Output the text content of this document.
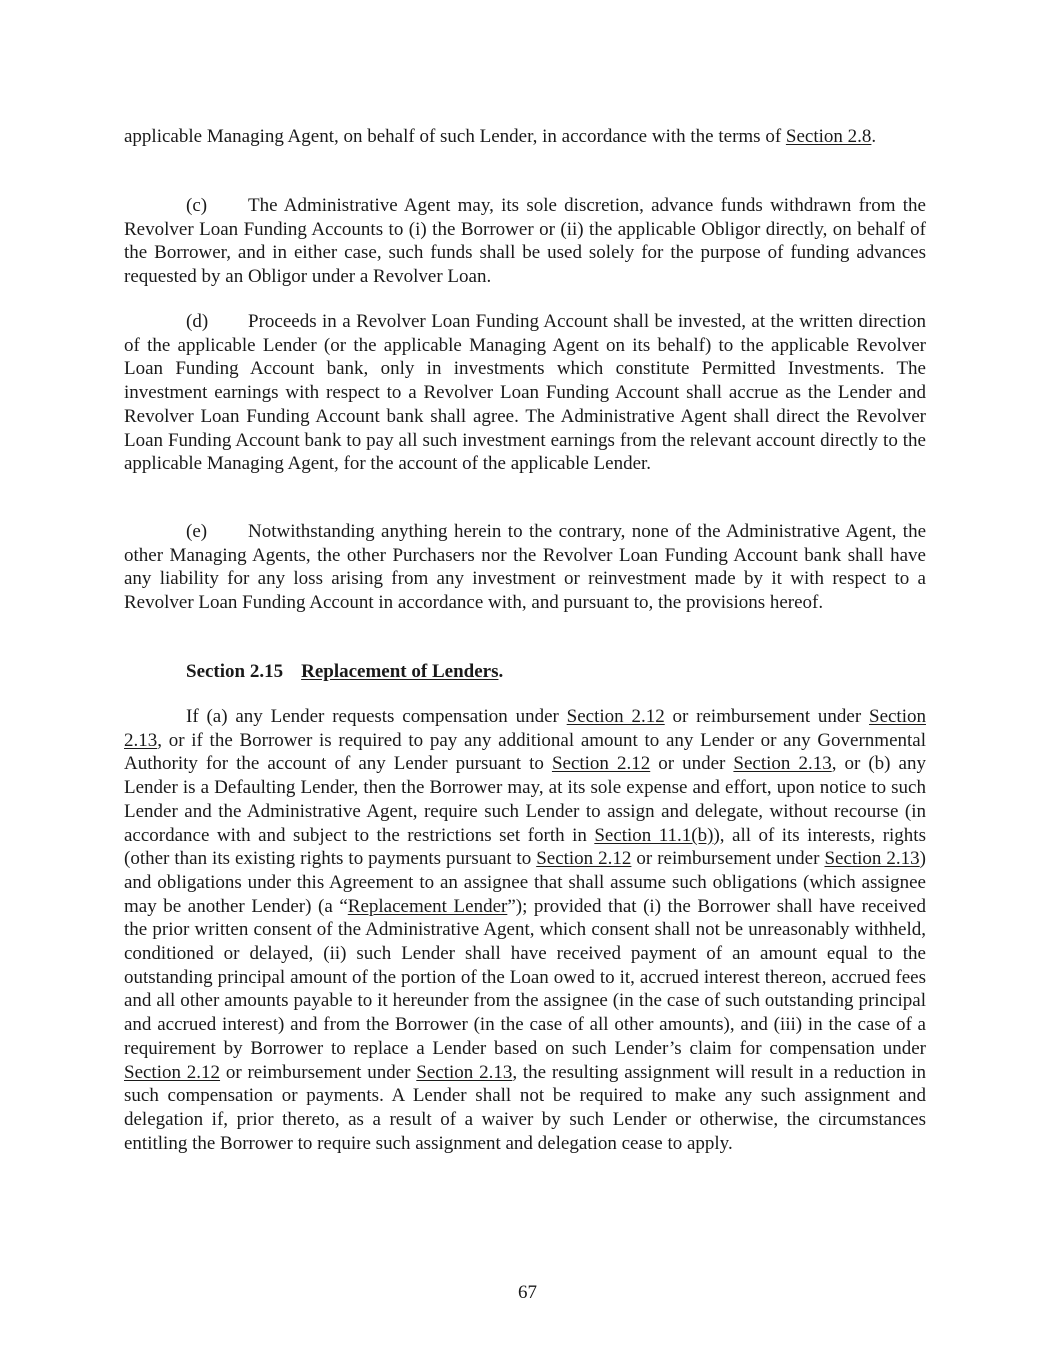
applicable Managing Agent, on behalf of such Lender, in accordance with the terms of Section 2.8.

(c) The Administrative Agent may, its sole discretion, advance funds withdrawn from the Revolver Loan Funding Accounts to (i) the Borrower or (ii) the applicable Obligor directly, on behalf of the Borrower, and in either case, such funds shall be used solely for the purpose of funding advances requested by an Obligor under a Revolver Loan.

(d) Proceeds in a Revolver Loan Funding Account shall be invested, at the written direction of the applicable Lender (or the applicable Managing Agent on its behalf) to the applicable Revolver Loan Funding Account bank, only in investments which constitute Permitted Investments. The investment earnings with respect to a Revolver Loan Funding Account shall accrue as the Lender and Revolver Loan Funding Account bank shall agree. The Administrative Agent shall direct the Revolver Loan Funding Account bank to pay all such investment earnings from the relevant account directly to the applicable Managing Agent, for the account of the applicable Lender.

(e) Notwithstanding anything herein to the contrary, none of the Administrative Agent, the other Managing Agents, the other Purchasers nor the Revolver Loan Funding Account bank shall have any liability for any loss arising from any investment or reinvestment made by it with respect to a Revolver Loan Funding Account in accordance with, and pursuant to, the provisions hereof.

Section 2.15 Replacement of Lenders.

If (a) any Lender requests compensation under Section 2.12 or reimbursement under Section 2.13, or if the Borrower is required to pay any additional amount to any Lender or any Governmental Authority for the account of any Lender pursuant to Section 2.12 or under Section 2.13, or (b) any Lender is a Defaulting Lender, then the Borrower may, at its sole expense and effort, upon notice to such Lender and the Administrative Agent, require such Lender to assign and delegate, without recourse (in accordance with and subject to the restrictions set forth in Section 11.1(b)), all of its interests, rights (other than its existing rights to payments pursuant to Section 2.12 or reimbursement under Section 2.13) and obligations under this Agreement to an assignee that shall assume such obligations (which assignee may be another Lender) (a “Replacement Lender”); provided that (i) the Borrower shall have received the prior written consent of the Administrative Agent, which consent shall not be unreasonably withheld, conditioned or delayed, (ii) such Lender shall have received payment of an amount equal to the outstanding principal amount of the portion of the Loan owed to it, accrued interest thereon, accrued fees and all other amounts payable to it hereunder from the assignee (in the case of such outstanding principal and accrued interest) and from the Borrower (in the case of all other amounts), and (iii) in the case of a requirement by Borrower to replace a Lender based on such Lender’s claim for compensation under Section 2.12 or reimbursement under Section 2.13, the resulting assignment will result in a reduction in such compensation or payments. A Lender shall not be required to make any such assignment and delegation if, prior thereto, as a result of a waiver by such Lender or otherwise, the circumstances entitling the Borrower to require such assignment and delegation cease to apply.

67
